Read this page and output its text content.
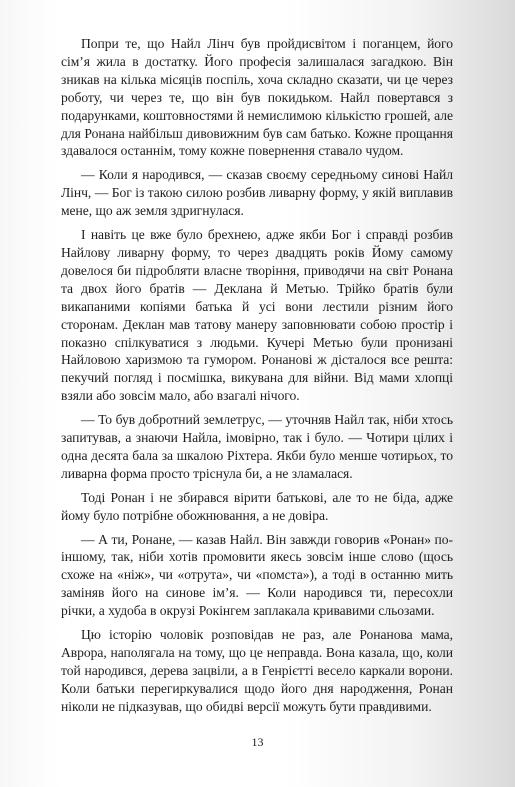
Попри те, що Найл Лінч був пройдисвітом і поганцем, його сім’я жила в достатку. Його професія залишалася загадкою. Він зникав на кілька місяців поспіль, хоча складно сказати, чи це через роботу, чи через те, що він був покидьком. Найл повертався з подарунками, коштовностями й немислимою кількістю грошей, але для Ронана найбільш дивовижним був сам батько. Кожне прощання здавалося останнім, тому кожне повернення ставало чудом.

— Коли я народився, — сказав своєму середньому синові Найл Лінч, — Бог із такою силою розбив ливарну форму, у якій виплавив мене, що аж земля здригнулася.

І навіть це вже було брехнею, адже якби Бог і справді розбив Найлову ливарну форму, то через двадцять років Йому самому довелося би підробляти власне творіння, приводячи на світ Ронана та двох його братів — Деклана й Метью. Трійко братів були викапаними копіями батька й усі вони лестили різним його сторонам. Деклан мав татову манеру заповнювати собою простір і показно спілкуватися з людьми. Кучері Метью були пронизані Найловою харизмою та гумором. Ронанові ж дісталося все решта: пекучий погляд і посмішка, викувана для війни. Від мами хлопці взяли або зовсім мало, або взагалі нічого.

— То був добротний землетрус, — уточняв Найл так, ніби хтось запитував, а знаючи Найла, імовірно, так і було. — Чотири цілих і одна десята бала за шкалою Ріхтера. Якби було менше чотирьох, то ливарна форма просто тріснула би, а не зламалася.

Тоді Ронан і не збирався вірити батькові, але то не біда, адже йому було потрібне обожнювання, а не довіра.

— А ти, Ронане, — казав Найл. Він завжди говорив «Ронан» по-іншому, так, ніби хотів промовити якесь зовсім інше слово (щось схоже на «ніж», чи «отрута», чи «помста»), а тоді в останню мить заміняв його на синове ім’я. — Коли народився ти, пересохли річки, а худоба в окрузі Рокінгем заплакала кривавими сльозами.

Цю історію чоловік розповідав не раз, але Ронанова мама, Аврора, наполягала на тому, що це неправда. Вона казала, що, коли той народився, дерева зацвіли, а в Генрієтті весело каркали ворони. Коли батьки перегиркувалися щодо його дня народження, Ронан ніколи не підказував, що обидві версії можуть бути правдивими.

13
